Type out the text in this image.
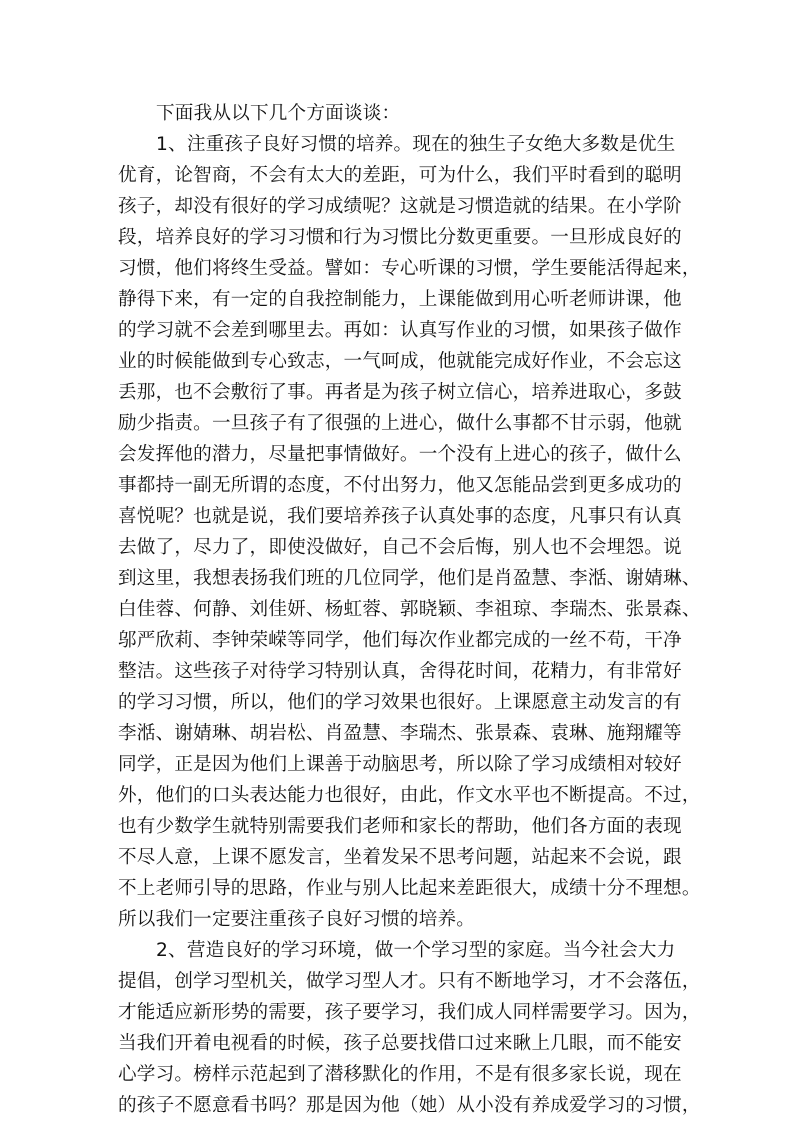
下面我从以下几个方面谈谈：
1、注重孩子良好习惯的培养。现在的独生子女绝大多数是优生
优育，论智商，不会有太大的差距，可为什么，我们平时看到的聪明
孩子，却没有很好的学习成绩呢？这就是习惯造就的结果。在小学阶
段，培养良好的学习习惯和行为习惯比分数更重要。一旦形成良好的
习惯，他们将终生受益。譬如：专心听课的习惯，学生要能活得起来，
静得下来，有一定的自我控制能力，上课能做到用心听老师讲课，他
的学习就不会差到哪里去。再如：认真写作业的习惯，如果孩子做作
业的时候能做到专心致志，一气呵成，他就能完成好作业，不会忘这
丢那，也不会敷衍了事。再者是为孩子树立信心，培养进取心，多鼓
励少指责。一旦孩子有了很强的上进心，做什么事都不甘示弱，他就
会发挥他的潜力，尽量把事情做好。一个没有上进心的孩子，做什么
事都持一副无所谓的态度，不付出努力，他又怎能品尝到更多成功的
喜悦呢？也就是说，我们要培养孩子认真处事的态度，凡事只有认真
去做了，尽力了，即使没做好，自己不会后悔，别人也不会埋怨。说
到这里，我想表扬我们班的几位同学，他们是肖盈慧、李湉、谢婧琳、
白佳蓉、何静、刘佳妍、杨虹蓉、郭晓颖、李祖琼、李瑞杰、张景森、
邬严欣莉、李钟荣嵘等同学，他们每次作业都完成的一丝不苟，干净
整洁。这些孩子对待学习特别认真，舍得花时间，花精力，有非常好
的学习习惯，所以，他们的学习效果也很好。上课愿意主动发言的有
李湉、谢婧琳、胡岩松、肖盈慧、李瑞杰、张景森、袁琳、施翔耀等
同学，正是因为他们上课善于动脑思考，所以除了学习成绩相对较好
外，他们的口头表达能力也很好，由此，作文水平也不断提高。不过，
也有少数学生就特别需要我们老师和家长的帮助，他们各方面的表现
不尽人意，上课不愿发言，坐着发呆不思考问题，站起来不会说，跟
不上老师引导的思路，作业与别人比起来差距很大，成绩十分不理想。
所以我们一定要注重孩子良好习惯的培养。
2、营造良好的学习环境，做一个学习型的家庭。当今社会大力
提倡，创学习型机关，做学习型人才。只有不断地学习，才不会落伍，
才能适应新形势的需要，孩子要学习，我们成人同样需要学习。因为，
当我们开着电视看的时候，孩子总要找借口过来瞅上几眼，而不能安
心学习。榜样示范起到了潜移默化的作用，不是有很多家长说，现在
的孩子不愿意看书吗？那是因为他（她）从小没有养成爱学习的习惯，
